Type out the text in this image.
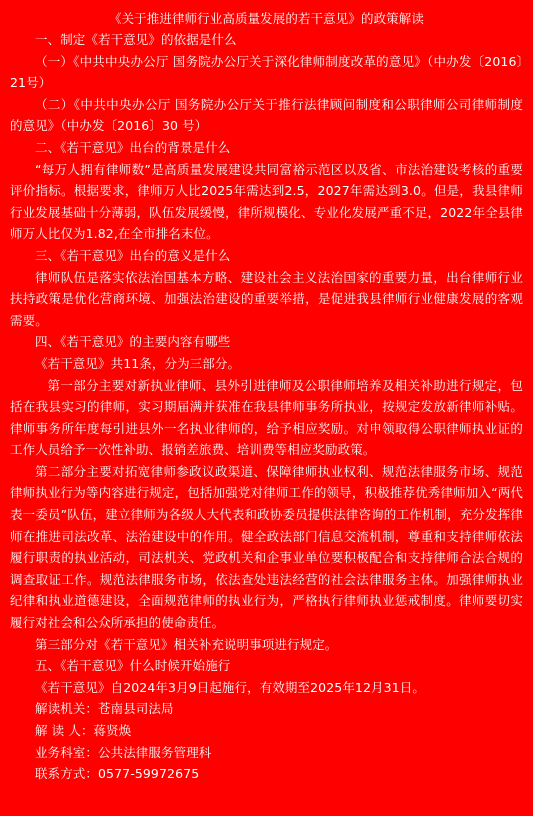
《关于推进律师行业高质量发展的若干意见》的政策解读

一、制定《若干意见》的依据是什么

（一）《中共中央办公厅 国务院办公厅关于深化律师制度改革的意见》（中办发〔2016〕21号）

（二）《中共中央办公厅 国务院办公厅关于推行法律顾问制度和公职律师公司律师制度的意见》（中办发〔2016〕30 号）

二、《若干意见》出台的背景是什么

“每万人拥有律师数”是高质量发展建设共同富裕示范区以及省、市法治建设考核的重要评价指标。根据要求，律师万人比2025年需达到2.5，2027年需达到3.0。但是，我县律师行业发展基础十分薄弱，队伍发展缓慢，律所规模化、专业化发展严重不足，2022年全县律师万人比仅为1.82,在全市排名末位。

三、《若干意见》出台的意义是什么

律师队伍是落实依法治国基本方略、建设社会主义法治国家的重要力量，出台律师行业扶持政策是优化营商环境、加强法治建设的重要举措，是促进我县律师行业健康发展的客观需要。

四、《若干意见》的主要内容有哪些

《若干意见》共11条，分为三部分。

第一部分主要对新执业律师、县外引进律师及公职律师培养及相关补助进行规定，包括在我县实习的律师，实习期届满并获准在我县律师事务所执业，按规定发放新律师补贴。律师事务所年度每引进县外一名执业律师的，给予相应奖励。对申领取得公职律师执业证的工作人员给予一次性补助、报销差旅费、培训费等相应奖励政策。

第二部分主要对拓宽律师参政议政渠道、保障律师执业权利、规范法律服务市场、规范律师执业行为等内容进行规定，包括加强党对律师工作的领导，积极推荐优秀律师加入“两代表一委员”队伍，建立律师为各级人大代表和政协委员提供法律咨询的工作机制，充分发挥律师在推进司法改革、法治建设中的作用。健全政法部门信息交流机制，尊重和支持律师依法履行职责的执业活动，司法机关、党政机关和企事业单位要积极配合和支持律师合法合规的调查取证工作。规范法律服务市场，依法查处违法经营的社会法律服务主体。加强律师执业纪律和执业道德建设，全面规范律师的执业行为，严格执行律师执业惩戒制度。律师要切实履行对社会和公众所承担的使命责任。

第三部分对《若干意见》相关补充说明事项进行规定。

五、《若干意见》什么时候开始施行

《若干意见》自2024年3月9日起施行，有效期至2025年12月31日。

解读机关：苍南县司法局

解 读 人：蒋贤焕

业务科室：公共法律服务管理科

联系方式：0577-59972675
